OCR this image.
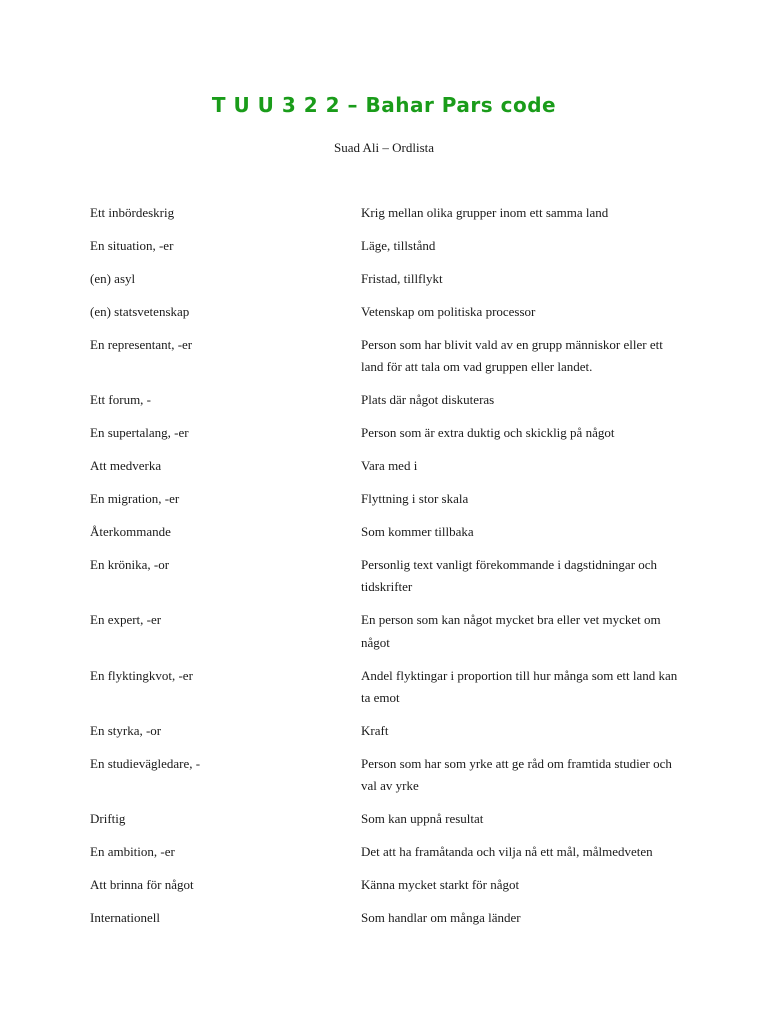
T U U 3 2 2 – Bahar Pars code
Suad Ali – Ordlista
Ett inbördeskrig	Krig mellan olika grupper inom ett samma land
En situation, -er	Läge, tillstånd
(en) asyl	Fristad, tillflykt
(en) statsvetenskap	Vetenskap om politiska processor
En representant, -er	Person som har blivit vald av en grupp människor eller ett land för att tala om vad gruppen eller landet.
Ett forum, -	Plats där något diskuteras
En supertalang, -er	Person som är extra duktig och skicklig på något
Att medverka	Vara med i
En migration, -er	Flyttning i stor skala
Återkommande	Som kommer tillbaka
En krönika, -or	Personlig text vanligt förekommande i dagstidningar och tidskrifter
En expert, -er	En person som kan något mycket bra eller vet mycket om något
En flyktingkvot, -er	Andel flyktingar i proportion till hur många som ett land kan ta emot
En styrka, -or	Kraft
En studievägledare, -	Person som har som yrke att ge råd om framtida studier och val av yrke
Driftig	Som kan uppnå resultat
En ambition, -er	Det att ha framåtanda och vilja nå ett mål, målmedveten
Att brinna för något	Känna mycket starkt för något
Internationell	Som handlar om många länder
